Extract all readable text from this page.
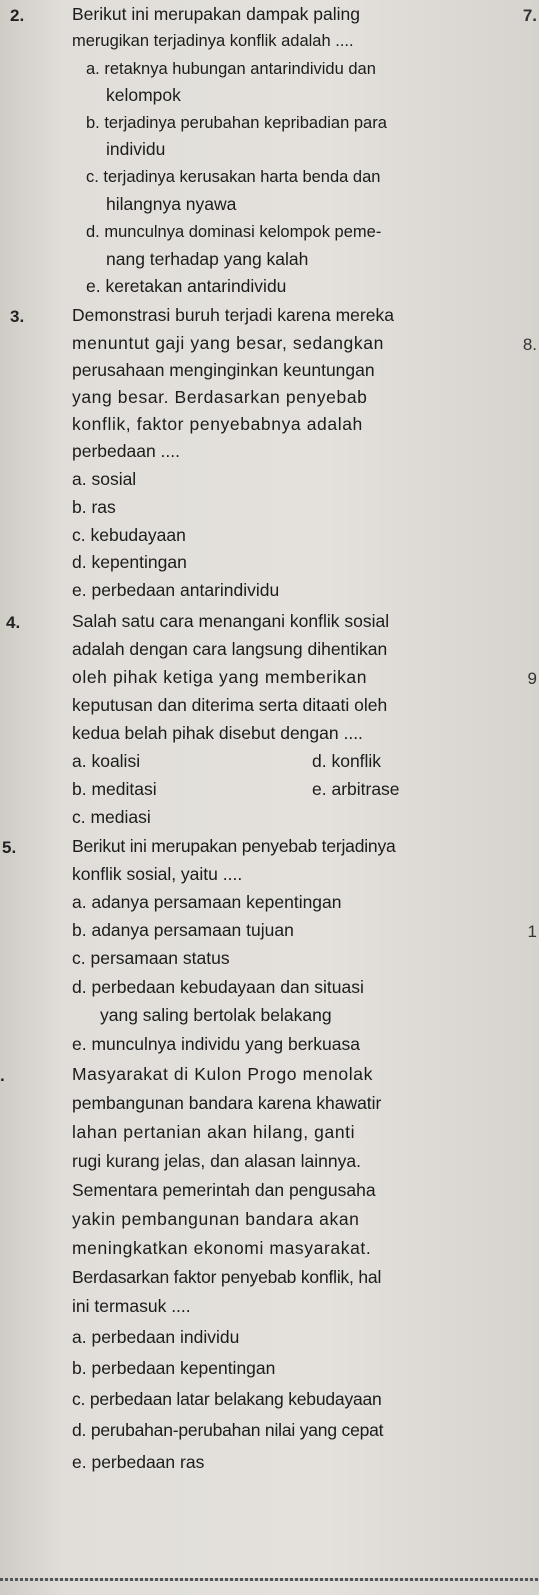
2.	Berikut ini merupakan dampak paling
merugikan terjadinya konflik adalah ....
a. retaknya hubungan antarindividu dan
kelompok
b. terjadinya perubahan kepribadian para
individu
c. terjadinya kerusakan harta benda dan
hilangnya nyawa
d. munculnya dominasi kelompok peme-
nang terhadap yang kalah
e. keretakan antarindividu
3.	Demonstrasi buruh terjadi karena mereka
menuntut gaji yang besar, sedangkan
perusahaan menginginkan keuntungan
yang besar. Berdasarkan penyebab
konflik, faktor penyebabnya adalah
perbedaan ....
a. sosial
b. ras
c. kebudayaan
d. kepentingan
e. perbedaan antarindividu
4.	Salah satu cara menangani konflik sosial
adalah dengan cara langsung dihentikan
oleh pihak ketiga yang memberikan
keputusan dan diterima serta ditaati oleh
kedua belah pihak disebut dengan ....
a. koalisi
b. meditasi
c. mediasi
d. konflik
e. arbitrase
5.	Berikut ini merupakan penyebab terjadinya
konflik sosial, yaitu ....
a. adanya persamaan kepentingan
b. adanya persamaan tujuan
c. persamaan status
d. perbedaan kebudayaan dan situasi
yang saling bertolak belakang
e. munculnya individu yang berkuasa
.	Masyarakat di Kulon Progo menolak
pembangunan bandara karena khawatir
lahan pertanian akan hilang, ganti
rugi kurang jelas, dan alasan lainnya.
Sementara pemerintah dan pengusaha
yakin pembangunan bandara akan
meningkatkan ekonomi masyarakat.
Berdasarkan faktor penyebab konflik, hal
ini termasuk ....
a. perbedaan individu
b. perbedaan kepentingan
c. perbedaan latar belakang kebudayaan
d. perubahan-perubahan nilai yang cepat
e. perbedaan ras
7.
8.
9
1
